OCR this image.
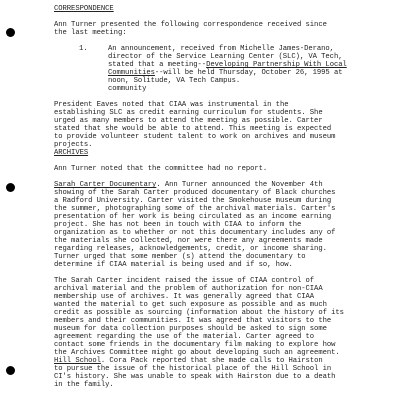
CORRESPONDENCE
Ann Turner presented the following correspondence received since
the last meeting:
1.	An announcement, received from Michelle James-Derano,
director of the Service Learning Center (SLC), VA Tech,
stated that a meeting--Developing Partnership With Local
Communities--will be held Thursday, October 26, 1995 at
noon, Solitude, VA Tech Campus.
community
President Eaves noted that CIAA was instrumental in the
establishing SLC as credit earning curriculum for students. She
urged as many members to attend the meeting as possible. Carter
stated that she would be able to attend. This meeting is expected
to provide volunteer student talent to work on archives and museum
projects.
ARCHIVES
Ann Turner noted that the committee had no report.
Sarah Carter Documentary. Ann Turner announced the November 4th
showing of the Sarah Carter produced documentary of Black churches
a Radford University. Carter visited the Smokehouse museum during
the summer, photographing some of the archival materials. Carter's
presentation of her work is being circulated as an income earning
project. She has not been in touch with CIAA to inform the
organization as to whether or not this documentary includes any of
the materials she collected, nor were there any agreements made
regarding releases, acknowledgements, credit, or income sharing.
Turner urged that some member (s) attend the documentary to
determine if CIAA material is being used and if so, how.
The Sarah Carter incident raised the issue of CIAA control of
archival material and the problem of authorization for non-CIAA
membership use of archives. It was generally agreed that CIAA
wanted the material to get such exposure as possible and as much
credit as possible as sourcing (information about the history of its
members and their communities. It was agreed that visitors to the
museum for data collection purposes should be asked to sign some
agreement regarding the use of the material. Carter agreed to
contact some friends in the documentary film making to explore how
the Archives Committee might go about developing such an agreement.
Hill School. Cora Pack reported that she made calls to Hairston
to pursue the issue of the historical place of the Hill School in
CI's history. She was unable to speak with Hairston due to a death
in the family.
